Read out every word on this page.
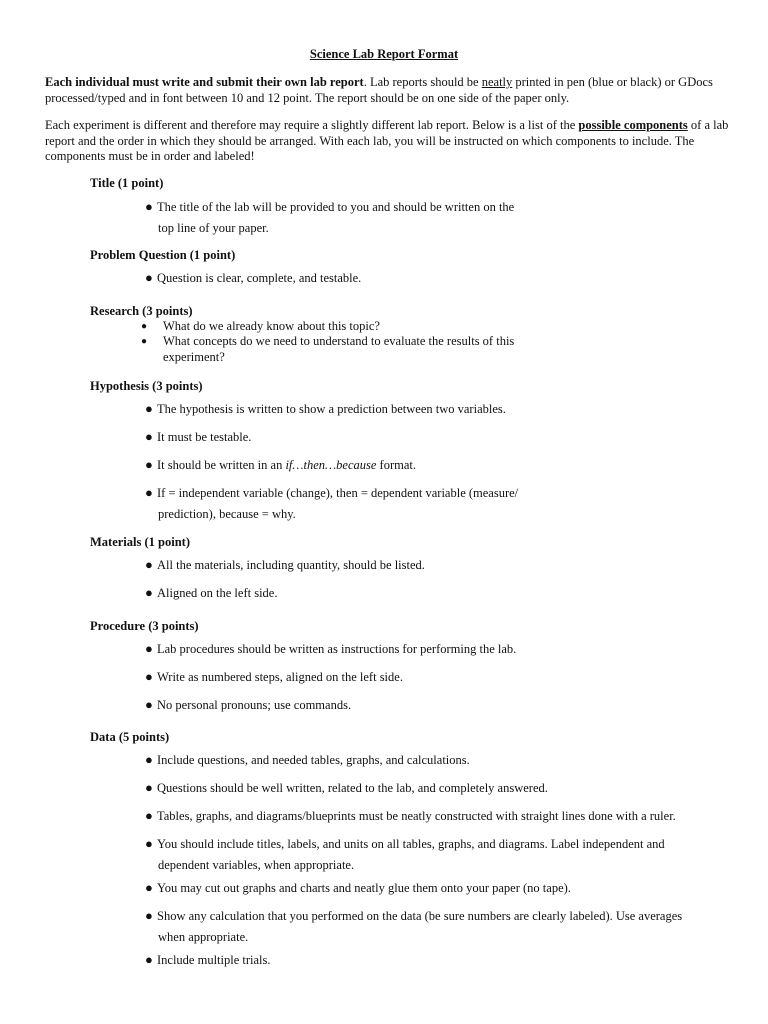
Science Lab Report Format
Each individual must write and submit their own lab report. Lab reports should be neatly printed in pen (blue or black) or GDocs processed/typed and in font between 10 and 12 point. The report should be on one side of the paper only.
Each experiment is different and therefore may require a slightly different lab report. Below is a list of the possible components of a lab report and the order in which they should be arranged. With each lab, you will be instructed on which components to include. The components must be in order and labeled!
Title (1 point)
● The title of the lab will be provided to you and should be written on the
top line of your paper.
Problem Question (1 point)
● Question is clear, complete, and testable.
Research (3 points)
● What do we already know about this topic?
● What concepts do we need to understand to evaluate the results of this
experiment?
Hypothesis (3 points)
● The hypothesis is written to show a prediction between two variables.
● It must be testable.
● It should be written in an if…then…because format.
● If = independent variable (change), then = dependent variable (measure/
prediction), because = why.
Materials (1 point)
● All the materials, including quantity, should be listed.
● Aligned on the left side.
Procedure (3 points)
● Lab procedures should be written as instructions for performing the lab.
● Write as numbered steps, aligned on the left side.
● No personal pronouns; use commands.
Data (5 points)
● Include questions, and needed tables, graphs, and calculations.
● Questions should be well written, related to the lab, and completely answered.
● Tables, graphs, and diagrams/blueprints must be neatly constructed with straight lines done with a ruler.
● You should include titles, labels, and units on all tables, graphs, and diagrams. Label independent and
dependent variables, when appropriate.
● You may cut out graphs and charts and neatly glue them onto your paper (no tape).
● Show any calculation that you performed on the data (be sure numbers are clearly labeled). Use averages
when appropriate.
● Include multiple trials.
